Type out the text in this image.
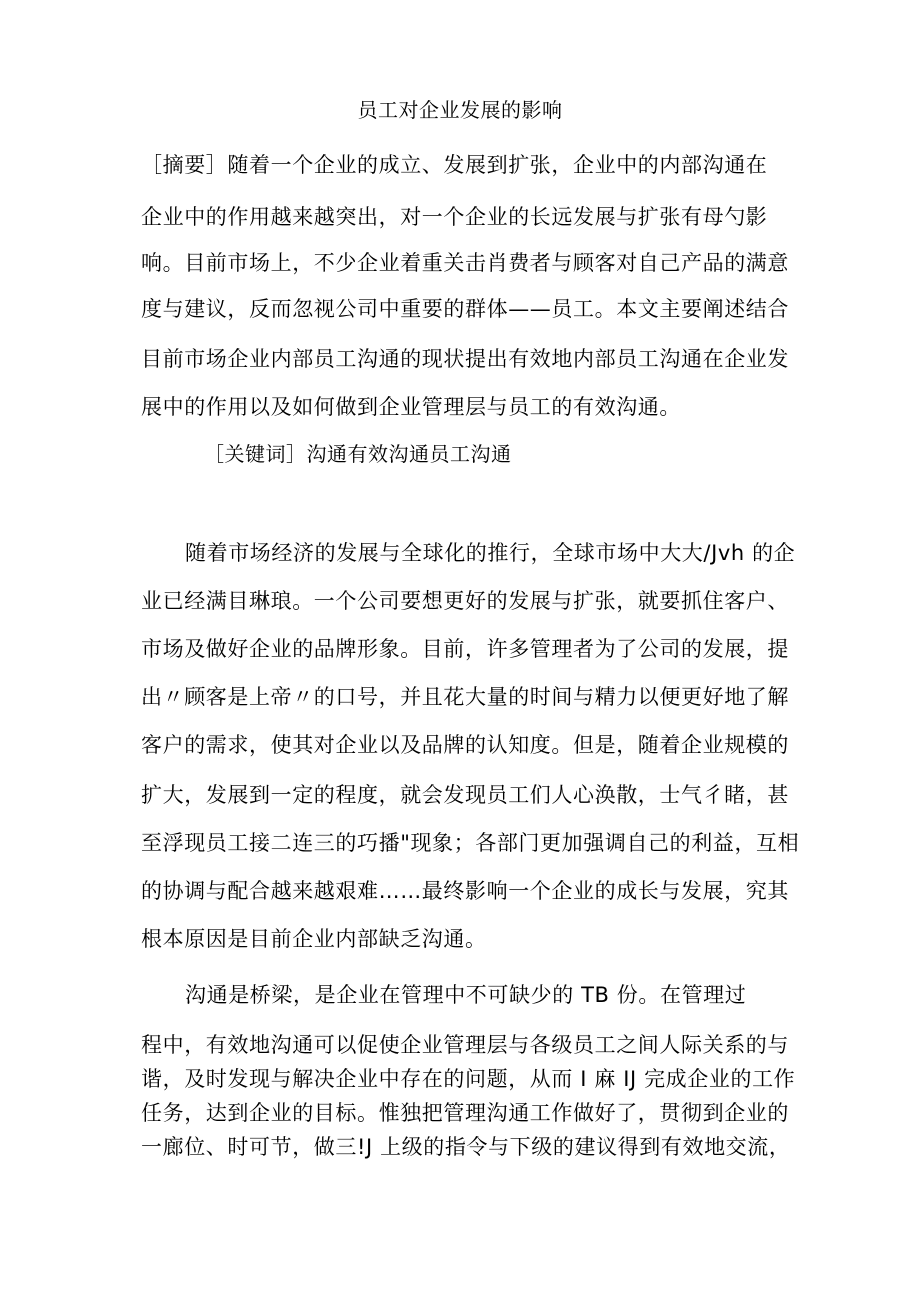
员工对企业发展的影响
［摘要］随着一个企业的成立、发展到扩张，企业中的内部沟通在
企业中的作用越来越突出，对一个企业的长远发展与扩张有母勺影
响。目前市场上，不少企业着重关击肖费者与顾客对自己产品的满意
度与建议，反而忽视公司中重要的群体——员工。本文主要阐述结合
目前市场企业内部员工沟通的现状提出有效地内部员工沟通在企业发
展中的作用以及如何做到企业管理层与员工的有效沟通。
［关键词］沟通有效沟通员工沟通
随着市场经济的发展与全球化的推行，全球市场中大大/Jvh 的企
业已经满目琳琅。一个公司要想更好的发展与扩张，就要抓住客户、
市场及做好企业的品牌形象。目前，许多管理者为了公司的发展，提
出〃顾客是上帝〃的口号，并且花大量的时间与精力以便更好地了解
客户的需求，使其对企业以及品牌的认知度。但是，随着企业规模的
扩大，发展到一定的程度，就会发现员工们人心涣散，士气彳睹，甚
至浮现员工接二连三的巧播"现象；各部门更加强调自己的利益，互相
的协调与配合越来越艰难……最终影响一个企业的成长与发展，究其
根本原因是目前企业内部缺乏沟通。
沟通是桥梁，是企业在管理中不可缺少的 TB 份。在管理过
程中，有效地沟通可以促使企业管理层与各级员工之间人际关系的与
谐，及时发现与解决企业中存在的问题，从而 I 麻 IJ 完成企业的工作
任务，达到企业的目标。惟独把管理沟通工作做好了，贯彻到企业的
一廊位、时可节，做三!J 上级的指令与下级的建议得到有效地交流，
